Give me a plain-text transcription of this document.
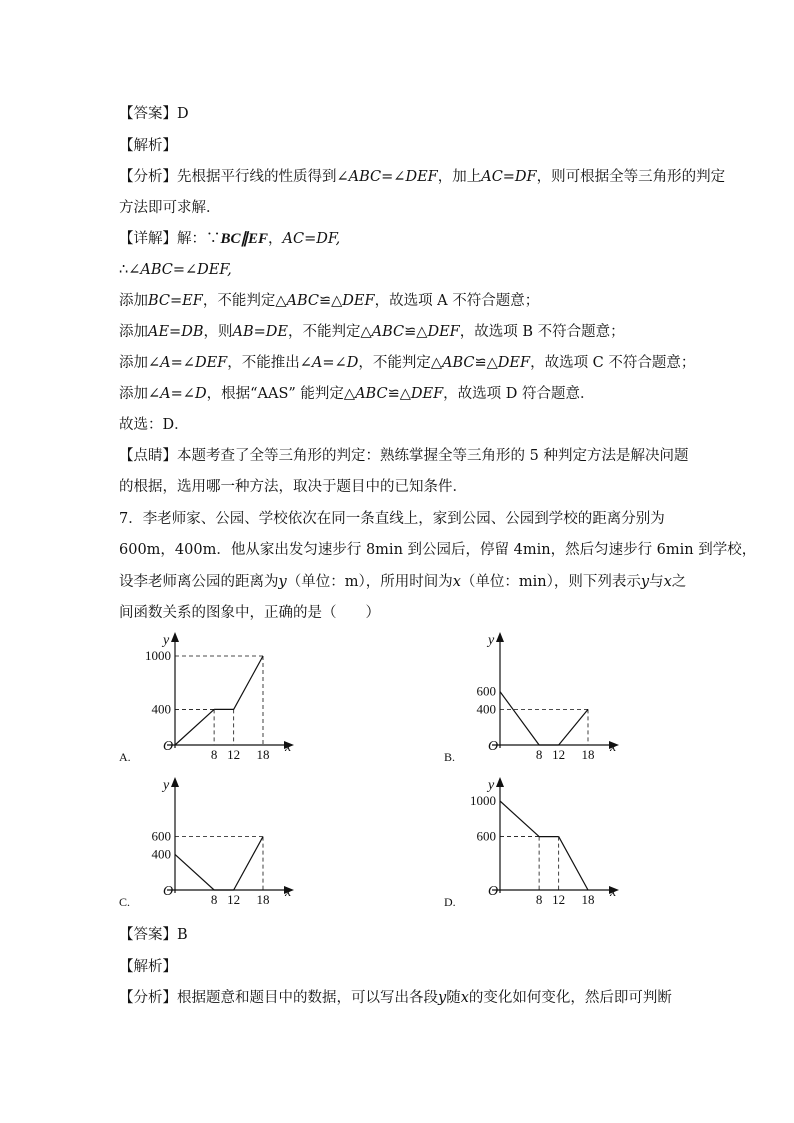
【答案】D
【解析】
【分析】先根据平行线的性质得到∠ABC=∠DEF，加上AC=DF，则可根据全等三角形的判定
方法即可求解．
【详解】解：∵BC∥EF，AC=DF,
∴∠ABC=∠DEF,
添加BC=EF，不能判定△ABC≌△DEF，故选项 A 不符合题意；
添加AE=DB，则AB=DE，不能判定△ABC≌△DEF，故选项 B 不符合题意；
添加∠A=∠DEF，不能推出∠A=∠D，不能判定△ABC≌△DEF，故选项 C 不符合题意；
添加∠A=∠D，根据“AAS” 能判定△ABC≌△DEF，故选项 D 符合题意．
故选：D．
【点睛】本题考查了全等三角形的判定：熟练掌握全等三角形的 5 种判定方法是解决问题
的根据，选用哪一种方法，取决于题目中的已知条件．
7．李老师家、公园、学校依次在同一条直线上，家到公园、公园到学校的距离分别为
600m，400m．他从家出发匀速步行 8min 到公园后，停留 4min，然后匀速步行 6min 到学校，
设李老师离公园的距离为y（单位：m），所用时间为x（单位：min），则下列表示y与x之
间函数关系的图象中，正确的是（　　）
A.	B.
C.	D.
x
y
O
8 12 18
1000
400
x
y
O
8 12 18
600
400
x
y
O
8 12 18
600
400
x
y
O
8 12 18
1000
600
【答案】B
【解析】
【分析】根据题意和题目中的数据，可以写出各段y随x的变化如何变化，然后即可判断
